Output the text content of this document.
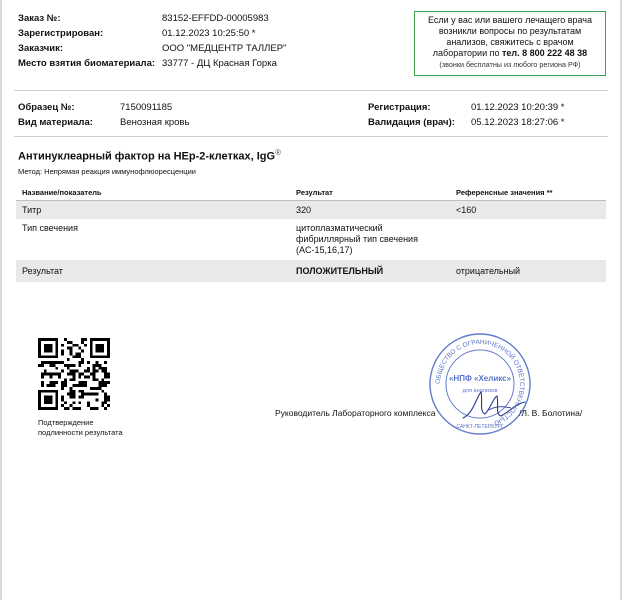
Заказ №:	83152-EFFDD-00005983
Зарегистрирован:	01.12.2023 10:25:50 *
Заказчик:	ООО "МЕДЦЕНТР ТАЛЛЕР"
Место взятия биоматериала: 33777 - ДЦ Красная Горка
Если у вас или вашего лечащего врача
возникли вопросы по результатам
анализов, свяжитесь с врачом
лаборатории по тел. 8 800 222 48 38
(звонки бесплатны из любого региона РФ)
Образец №:	7150091185
Вид материала:	Венозная кровь
Регистрация:	01.12.2023 10:20:39 *
Валидация (врач): 05.12.2023 18:27:06 *
Антинуклеарный фактор на HEp-2-клетках, IgG®
Метод: Непрямая реакция иммунофлюоресценции
Название/показатель	Результат	Референсные значения **
Титр	320	<160
Тип свечения	цитоплазматический
фибриллярный тип свечения
(AC-15,16,17)	

Результат	ПОЛОЖИТЕЛЬНЫЙ	отрицательный
Подтверждение
подлинности результата
Руководитель Лабораторного комплекса	/Л. В. Болотина/
ОБЩЕСТВО С ОГРАНИЧЕННОЙ ОТВЕТСТВЕННОСТЬЮ
«НПФ «Хеликс»
для анализов
САНКТ-ПЕТЕРБУРГ
